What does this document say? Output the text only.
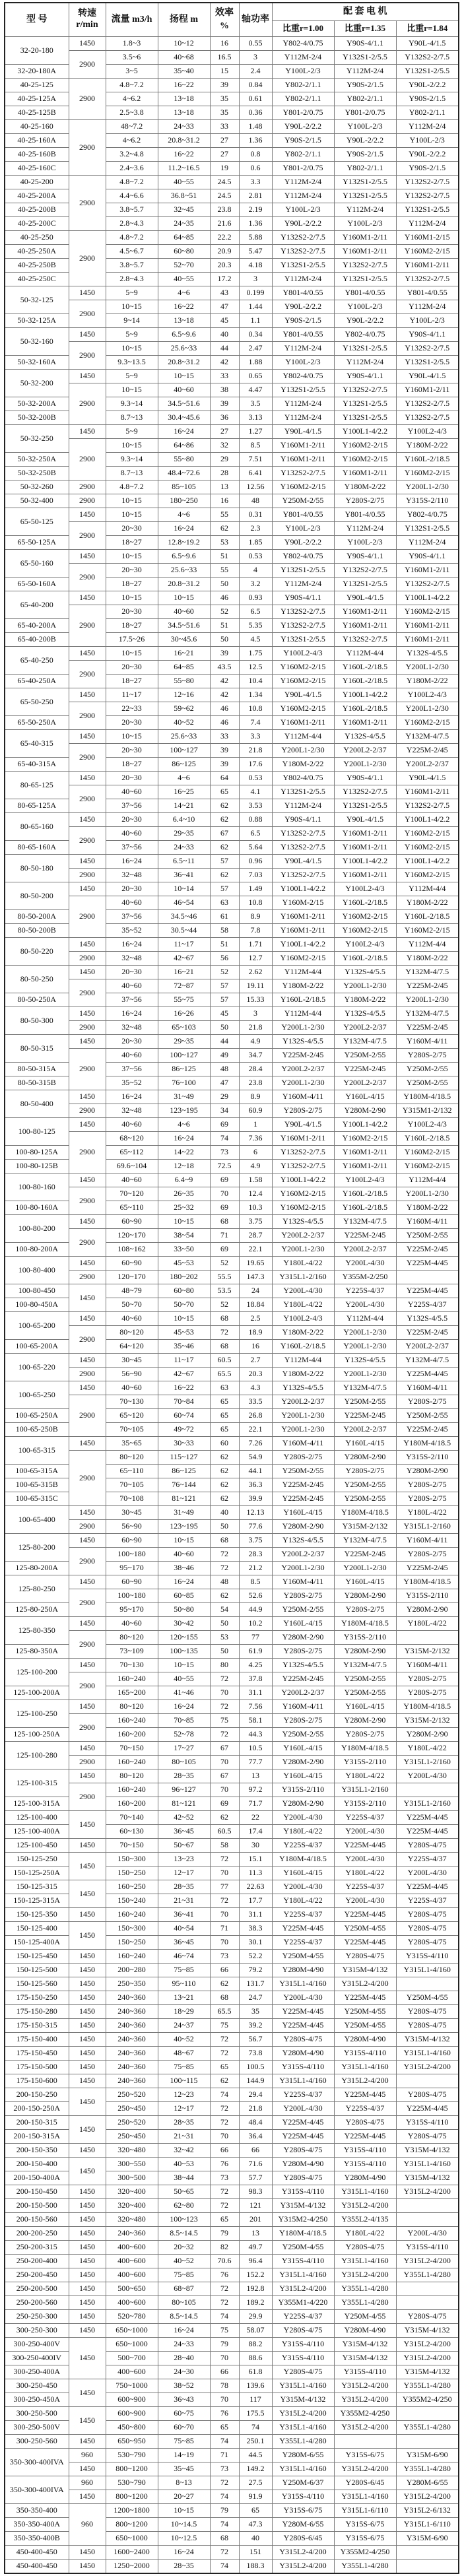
型 号	转速
r/min	流量 m3/h	扬程 m	效率 %	轴功率	配 套 电 机		
						比重r=1.00	比重r=1.35	比重r=1.84
32-20-180	1450	1.8~3	10~12	16	0.55	Y802-4/0.75	Y90S-4/1.1	Y90L-4/1.5
	2900	3.5~6	40~68	16.5	3	Y112M-2/4	Y132S1-2/5.5	Y132S2-2/7.5
32-20-180A		3~5	35~40	15	2.4	Y100L-2/3	Y112M-2/4	Y132S1-2/5.5
40-25-125	2900	4.8~7.2	16~22	39	0.84	Y802-2/1.1	Y90S-2/1.5	Y90L-2/2.2
40-25-125A		4~6.2	13~18	35	0.61	Y802-2/1.1	Y802-2/1.1	Y90S-2/1.5
40-25-125B		2.5~3.8	13~18	35	0.36	Y801-2/0.75	Y801-2/0.75	Y802-2/1.1
40-25-160	2900	48~7.2	24~33	33	1.48	Y90L-2/2.2	Y100L-2/3	Y112M-2/4
40-25-160A		4~6.2	20.8~31.2	27	1.36	Y90S-2/1.5	Y90L-2/2.2	Y100L-2/3
40-25-160B		3.2~4.8	16~22	27	0.8	Y802-2/1.1	Y90S-2/1.5	Y90L-2/2.2
40-25-160C		2.4~3.6	11.2~16.5	19	0.6	Y801-2/0.75	Y802-2/1.1	Y90S-2/1.5
40-25-200	2900	4.8~7.2	40~55	24.5	3.3	Y112M-2/4	Y132S1-2/5.5	Y132S2-2/7.5
40-25-200A		4.4~6.6	36.8~51	24.5	2.81	Y112M-2/4	Y132S1-2/5.5	Y132S2-2/7.5
40-25-200B		3.8~5.7	32~45	23.8	2.19	Y100L-2/3	Y112M-2/4	Y132S1-2/5.5
40-25-200C		2.8~4.3	24~35	21.6	1.36	Y90L-2/2.2	Y100L-2/3	Y112M-2/4
40-25-250	2900	4.8~7.2	64~85	22.2	5.88	Y132S2-2/7.5	Y160M1-2/11	Y160M1-2/15
40-25-250A		4.5~6.7	60~80	20.9	5.47	Y132S2-2/7.5	Y160M1-2/11	Y160M2-2/15
40-25-250B		3.8~5.7	52~70	20.3	4.18	Y132S1-2/5.5	Y132S2-2/7.5	Y160M1-2/11
40-25-250C		2.8~4.3	40~55	17.2	3	Y112M-2/4	Y132S1-2/5.5	Y132S2-2/7.5
50-32-125	1450	5~9	4~6	43	0.199	Y801-4/0.55	Y801-4/0.55	Y801-4/0.55
	2900	10~15	16~22	47	1.44	Y90L-2/2.2	Y100L-2/3	Y112M-2/4
50-32-125A		9~14	13~18	45	1.1	Y90S-2/1.5	Y90L-2/2.2	Y100L-2/3
50-32-160	1450	5~9	6.5~9.6	40	0.34	Y801-4/0.55	Y802-4/0.75	Y90S-4/1.1
	2900	10~15	25.6~33	44	2.47	Y112M-2/4	Y132S1-2/5.5	Y132S2-2/7.5
50-32-160A		9.3~13.5	20.8~31.2	42	1.88	Y100L-2/3	Y112M-2/4	Y132S1-2/5.5
50-32-200	1450	5~9	10~15	33	0.65	Y802-4/0.75	Y90S-4/1.1	Y90L-4/1.5
	2900	10~15	40~60	38	4.47	Y132S1-2/5.5	Y132S2-2/7.5	Y160M1-2/11
50-32-200A		9.3~14	34.5~51.6	39	3.5	Y112M-2/4	Y132S1-2/5.5	Y132S2-2/7.5
50-32-200B		8.7~13	30.4~45.6	36	3.13	Y112M-2/4	Y132S1-2/5.5	Y132S2-2/7.5
50-32-250	1450	5~9	16~24	27	1.27	Y90L-4/1.5	Y100L1-4/2.2	Y100L2-4/3
	2900	10~15	64~86	32	8.5	Y160M1-2/11	Y160M2-2/15	Y180M-2/22
50-32-250A		9.3~14	55~80	29	7.51	Y160M1-2/11	Y160M2-2/15	Y160L-2/18.5
50-32-250B		8.7~13	48.4~72.6	28	6.41	Y132S2-2/7.5	Y160M1-2/11	Y160M2-2/15
50-32-260	2900	4.8~7.2	85~105	13	12.56	Y160M2-2/15	Y180M-2/22	Y200L1-2/30
50-32-400	2900	10~15	180~250	16	48	Y250M-2/55	Y280S-2/75	Y315S-2/110
65-50-125	1450	10~15	4~6	55	0.31	Y801-4/0.55	Y801-4/0.55	Y802-4/0.75
	2900	20~30	16~24	62	2.3	Y100L-2/3	Y112M-2/4	Y132S1-2/5.5
65-50-125A		18~27	12.8~19.2	53	1.85	Y90L-2/2.2	Y100L-2/3	Y112M-2/4
65-50-160	1450	10~15	6.5~9.6	51	0.53	Y802-4/0.75	Y90S-4/1.1	Y90S-4/1.1
	2900	20~30	25.6~33	55	4	Y132S1-2/5.5	Y132S2-2/7.5	Y160M1-2/11
65-50-160A		18~27	20.8~31.2	50	3.2	Y112M-2/4	Y132S1-2/5.5	Y132S2-2/7.5
65-40-200	1450	10~15	10~15	46	0.93	Y90S-4/1.1	Y90L-4/1.5	Y100L1-4/2.2
	2900	20~30	40~60	52	6.5	Y132S2-2/7.5	Y160M1-2/11	Y160M2-2/15
65-40-200A		18~27	34.5~51.6	51	5.35	Y132S2-2/7.5	Y160M1-2/11	Y160M1-2/11
65-40-200B		17.5~26	30~45.6	50	4.5	Y132S1-2/5.5	Y132S2-2/7.5	Y160M1-2/11
65-40-250	1450	10~15	16~21	39	1.75	Y100L2-4/3	Y112M-4/4	Y132S-4/5.5
	2900	20~30	64~85	43.5	12.5	Y160M2-2/15	Y160L-2/18.5	Y200L1-2/30
65-40-250A		18~27	55~80	42	10.4	Y160M2-2/15	Y160L-2/18.5	Y180M-2/22
65-50-250	1450	11~17	12~16	42	1.34	Y90L-4/1.5	Y100L1-4/2.2	Y100L2-4/3
	2900	22~33	59~62	46	10.8	Y160M2-2/15	Y160L-2/18.5	Y200L1-2/30
65-50-250A		20~30	40~52	46	7.4	Y160M1-2/11	Y160M1-2/11	Y160M2-2/15
65-40-315	1450	10~15	25.6~33	33	3.3	Y112M-4/4	Y132S-4/5.5	Y132M-4/7.5
	2900	20~30	100~127	39	21.8	Y200L1-2/30	Y200L2-2/37	Y225M-2/45
65-40-315A		18~27	86~125	39	17.6	Y180M-2/22	Y200L1-2/30	Y200L2-2/37
80-65-125	1450	20~30	4~6	64	0.53	Y802-4/0.75	Y90S-4/1.1	Y90L-4/1.5
	2900	40~60	16~25	65	4.1	Y132S1-2/5.5	Y132S2-2/7.5	Y160M1-2/11
80-65-125A		37~56	14~21	62	3.53	Y112M-2/4	Y132S1-2/5.5	Y132S2-2/7.5
80-65-160	1450	20~30	6.4~10	62	0.88	Y90S-4/1.1	Y90L-4/1.5	Y100L1-4/2.2
	2900	40~60	29~35	67	6.5	Y132S2-2/7.5	Y160M1-2/11	Y160M2-2/15
80-65-160A		37~56	24~33	62	5.64	Y132S2-2/7.5	Y160M1-2/11	Y160M2-2/15
80-50-180	1450	16~24	6.5~11	57	0.96	Y90L-4/1.5	Y100L1-4/2.2	Y100L1-4/2.2
	2900	32~48	36~41	62	7.03	Y132S2-2/7.5	Y160M1-2/11	Y160M2-2/15
80-50-200	1450	20~30	10~14	57	1.49	Y100L1-4/2.2	Y100L2-4/3	Y112M-4/4
	2900	40~60	46~54	63	10.8	Y160M-2/15	Y160L-2/18.5	Y180M-2/22
80-50-200A		37~56	34.5~46	61	8.9	Y160M1-2/11	Y160M2-2/15	Y160L-2/18.5
80-50-200B		35~52	30.5~44	58	7.8	Y160M1-2/11	Y160M2-2/15	Y160M2-2/15
80-50-220	1450	16~24	11~17	51	1.71	Y100L1-4/2.2	Y100L2-4/3	Y112M-4/4
	2900	32~48	42~67	56	12.7	Y160M2-2/15	Y160L-2/18.5	Y180M-2/22
80-50-250	1450	20~30	16~21	52	2.62	Y112M-4/4	Y132S-4/5.5	Y132M-4/7.5
	2900	40~60	72~87	57	19.11	Y180M-2/22	Y200L1-2/30	Y225M-2/45
80-50-250A		37~56	55~75	57	15.33	Y160L-2/18.5	Y180M-2/22	Y200L1-2/30
80-50-300	1450	16~24	16~26	45	3	Y112M-4/4	Y132S-4/5.5	Y132M-4/7.5
	2900	32~48	65~103	50	21.8	Y200L1-2/30	Y200L2-2/37	Y225M-2/45
80-50-315	1450	20~30	29~35	44	4.9	Y132S-4/5.5	Y132M-4/7.5	Y160M-4/11
	2900	40~60	100~127	49	34.7	Y225M-2/45	Y250M-2/55	Y280S-2/75
80-50-315A		37~56	86~125	48	28.4	Y200L2-2/37	Y225M-2/45	Y250M-2/55
80-50-315B		35~52	76~100	47	23.8	Y200L1-2/30	Y200L2-2/37	Y250M-2/55
80-50-400	1450	16~24	31~49	29	8.9	Y160M-4/11	Y160L-4/15	Y180M-4/18.5
	2900	32~48	123~195	34	60.9	Y280S-2/75	Y280M-2/90	Y315M1-2/132
100-80-125	1450	40~60	4~6	69	1	Y90L-4/1.5	Y100L1-4/2.2	Y100L2-4/3
	2900	68~120	16~24	74	7.36	Y160M1-2/11	Y160M2-2/15	Y160L-2/18.5
100-80-125A		65~112	14~22	73	6	Y132S2-2/7.5	Y160M1-2/11	Y160M2-2/15
100-80-125B		69.6~104	12~18	72.5	4.9	Y132S2-2/7.5	Y160M1-2/11	Y160M2-2/15
100-80-160	1450	40~60	6.4~9	69	1.58	Y100L1-4/2.2	Y100L2-4/3	Y112M-4/4
	2900	70~120	26~35	70	12.4	Y160M2-2/15	Y160L-2/18.5	Y200L1-2/30
100-80-160A		65~110	25~32	69	10.3	Y160M2-2/15	Y160L-2/18.5	Y180M-2/22
100-80-200	1450	60~90	10~15	68	3.75	Y132S-4/5.5	Y132M-4/7.5	Y160M-4/11
	2900	120~170	38~54	71	28.7	Y200L2-2/37	Y225M-2/45	Y250M-2/55
100-80-200A		108~162	33~50	69	22.1	Y200L1-2/30	Y200L2-2/37	Y225M-2/45
100-80-400	1450	60~90	45~53	52	19.65	Y180L-4/22	Y200L-4/30	Y225M-4/45
	2900	120~170	180~202	55.5	147.3	Y315L1-2/160	Y355M-2/250	
100-80-450	1450	48~79	60~80	53.5	24	Y200L-4/30	Y225S-4/37	Y225M-4/45
100-80-450A		50~70	50~70	52	18.84	Y180L-4/22	Y200L-4/30	Y225S-4/37
100-65-200	1450	40~60	10~15	68	2.5	Y100L2-4/3	Y112M-4/4	Y132S-4/5.5
	2900	80~120	45~53	72	18.9	Y180M-2/22	Y200L1-2/30	Y225M-2/45
100-65-200A		64~120	35~46	68	16	Y160L-2/18.5	Y200L1-2/30	Y200L2-2/37
100-65-220	1450	30~45	11~17	60.5	2.7	Y112M-4/4	Y132S-4/5.5	Y132M-4/7.5
	2900	56~90	42~67	65.5	20.3	Y180M-2/22	Y200L1-2/30	Y225M-4/45
100-65-250	1450	40~60	16~22	63	4.3	Y132S-4/5.5	Y132M-4/7.5	Y160M-4/11
	2900	70~130	70~84	65	33.5	Y200L2-2/37	Y250M-2/55	Y280S-2/75
100-65-250A		65~120	60~74	65	26.8	Y200L1-2/30	Y225M-2/45	Y250M-2/55
100-65-250B		70~105	49~72	65	22.1	Y200L1-2/30	Y200L2-2/37	Y225M-2/45
100-65-315	1450	35~65	30~33	60	7.26	Y160M-4/11	Y160L-4/15	Y180M-4/18.5
	2900	80~120	115~127	62	54.9	Y280S-2/75	Y280M-2/90	Y315S-2/110
100-65-315A		65~110	86~125	62	44.1	Y250M-2/55	Y280S-2/75	Y280M-2/90
100-65-315B		70~105	76~144	62	36.3	Y225M-2/45	Y250M-2/55	Y280S-2/75
100-65-315C		70~108	81~121	62	39.9	Y225M-2/45	Y250M-2/55	Y280S-2/75
100-65-400	1450	30~45	31~49	40	12.13	Y160L-4/15	Y180M-4/18.5	Y180L-4/22
	2900	56~90	123~195	50	77.6	Y280M-2/90	Y315M-2/132	Y315L1-2/160
125-80-200	1450	60~90	10~15	68	3.75	Y132S-4/5.5	Y132M-4/7.5	Y160M-4/11
	2900	100~180	40~60	72	28.3	Y200L2-2/37	Y225M-2/45	Y280S-2/75
125-80-200A		95~170	38~46	72	21.2	Y200L1-2/30	Y200L1-2/30	Y225M-2/45
125-80-250	1450	60~90	16~24	48	8.5	Y160M-4/11	Y160L-4/15	Y180M-4/18.5
	2900	100~180	60~85	62	52.6	Y280S-2/75	Y280M-2/90	Y315S-2/110
125-80-250A		95~170	50~80	54	44.9	Y250M-2/55	Y280S-2/75	Y280M-2/90
125-80-350	1450	40~60	30~42	50	10.2	Y160L-4/15	Y180M-4/18.5	Y180L-4/22
	2900	80~120	120~155	53	77	Y280M-2/90	Y315S-2/110	
125-80-350A		73~109	100~135	50	61.9	Y280S-2/75	Y280M-2/90	Y315M-2/132
125-100-200	1450	70~130	10~15	80	4.25	Y132S-4/5.5	Y132M-4/7.5	Y160M-4/11
	2900	160~240	40~55	72	37.8	Y225M-2/45	Y250M-2/55	Y280S-2/75
125-100-200A		165~200	41~46	70	31.1	Y200L2-2/37	Y250M-2/55	Y280S-2/75
125-100-250	1450	80~120	16~24	72	7.56	Y160M-4/11	Y160L-4/15	Y180M-4/18.5
	2900	160~240	70~85	75	58.1	Y280S-2/75	Y280M-2/90	Y315M-2/132
125-100-250A		160~200	52~78	72	44.3	Y250M-2/55	Y280S-2/75	Y280M-2/90
125-100-280	1450	70~150	17~27	67	10.5	Y160L-4/15	Y180M-4/18.5	Y180L-4/22
	2900	160~240	80~105	70	77.7	Y280M-2/90	Y315S-2/110	Y315L1-2/160
125-100-315	1450	80~120	28~35	67	13	Y160L-4/15	Y180L-4/22	Y200L-4/30
	2900	160~240	96~127	70	97.2	Y315S-2/110	Y315L1-2/160	
125-100-315A		160~200	81~121	69	71.7	Y280M-2/90	Y315S-2/110	Y315L1-2/160
125-100-400	1450	70~140	42~52	62	22	Y200L-4/30	Y225S-4/37	Y225M-4/45
125-100-400A		60~130	36~45	60.5	17.4	Y180L-4/22	Y200L-4/30	Y225M-4/45
125-100-450	1450	70~150	50~67	58	30	Y225S-4/37	Y225M-4/45	Y280S-4/75
150-125-250	1450	150~300	13~23	72	15.1	Y180M-4/18.5	Y200L-4/30	Y225S-4/37
150-125-250A		150~250	12~17	70	11.3	Y160L-4/15	Y180L-4/22	Y200L-4/30
150-125-315	1450	160~250	28~35	77	22.63	Y200L-4/30	Y225S-4/37	Y225M-4/45
150-125-315A		150~240	21~31	72	17.7	Y180L-4/22	Y200L-4/30	Y225S-4/37
150-125-350	1450	160~240	36~41	70	31.1	Y225S-4/37	Y225M-4/45	Y280S-4/75
150-125-400	1450	150~300	40~54	71	38.3	Y225M-4/45	Y250M-4/55	Y280S-4/75
150-125-400A		150~250	36~45	70	30.1	Y225S-4/37	Y225M-4/45	Y280S-4/75
150-125-450	1450	160~240	46~74	73	52.2	Y250M-4/55	Y280S-4/75	Y315S-4/110
150-125-500	1450	200~280	75~85	66	79.2	Y280M-4/90	Y315M-4/132	Y315L1-4/160
150-125-560	1450	250~350	95~110	62	131.7	Y315L1-4/160	Y315L2-4/200	
175-150-250	1450	240~360	13~21	68	24.7	Y200L-4/30	Y225M-4/45	Y250M-4/55
175-150-280	1450	240~360	18~29	65.5	35	Y225M-4/45	Y250M-4/55	Y280S-4/75
175-150-315	1450	240~360	24~37	75	39.2	Y225M-4/45	Y250M-4/55	Y280S-4/75
175-150-400	1450	240~360	40~52	72	56.7	Y280S-4/75	Y280M-4/90	Y315M-4/132
175-150-450	1450	240~360	48~67	72	73.8	Y280M-4/90	Y315S-4/110	Y315L1-4/160
175-150-500	1450	240~360	75~85	65	100.5	Y315S-4/110	Y315L1-4/160	Y315L2-4/200
175-150-600	1450	240~360	100~115	62	144.9	Y315L1-4/160	Y315L2-4/200	
200-150-250	1450	250~520	12~23	74	29.4	Y225S-4/37	Y225M-4/45	Y280S-4/75
200-150-250A		250~450	12~17	72	21.8	Y200L-4/30	Y225S-4/37	Y225M-4/45
200-150-315	1450	250~520	28~35	72	48.4	Y225M-4/45	Y280S-4/75	Y315S-4/110
200-150-315A		250~450	21~31	70	36.4	Y225M-4/45	Y225M-4/45	Y280S-4/75
200-150-350	1450	320~480	32~42	66	66	Y280S-4/75	Y315S-4/110	Y315M-4/132
200-150-400	1450	300~550	40~53	76	71.6	Y280M-4/90	Y315S-4/110	Y315L1-4/160
200-150-400A		300~500	38~44	73	57.7	Y280S-4/75	Y280M-4/90	Y315M-4/132
200-150-450	1450	320~400	50~65	72	98.3	Y315S-4/110	Y315L1-4/160	Y315L2-4/200
200-150-500	1450	320~400	62~80	72	121	Y315M-4/132	Y315L2-4/200	
200-150-560	1450	320~480	100~123	65	201	Y315M2-4/250	Y355L2-4/135	
200-200-250	1450	240~360	8.5~14.5	79	13	Y180M-4/18.5	Y180L-4/22	Y200L-4/30
250-200-315	1450	400~600	20~32	82	49.7	Y250M-4/55	Y280S-4/75	Y315S-4/110
250-200-400	1450	400~600	40~52	70.6	96.4	Y315S-4/110	Y315L1-4/160	Y315L2-4/200
250-200-450	1450	400~600	75~85	76	152.2	Y315L1-4/160	Y315L2-4/200	Y355L1-4/280
250-200-500	1450	500~650	68~87	72	192.8	Y315L2-4/200	Y355L1-4/280	
250-200-560	1450	400~600	80~105	72	189.2	Y355M1-4/220	Y355L1-4/280	
250-250-300	1450	520~780	8.5~14.5	74	29.9	Y225S-4/37	Y250M-4/55	Y280S-4/75
300-250-300	1450	650~1000	16~24	75	58.07	Y280S-4/75	Y280M-4/90	Y315M-4/132
300-250-400V	1450	650~1000	24~33	79	88.2	Y315S-4/110	Y315M-4/132	Y315L2-4/200
300-250-400IV		500~700	28~40	70	88.6	Y315S-4/110	Y315M-4/132	Y315L2-4/200
300-250-400A		400~600	24~30	66	61.8	Y280S-4/75	Y315S-4/110	Y315M-4/132
300-250-450	1450	750~1000	38~52	78	139.6	Y315L1-4/160	Y315L2-4/200	Y355L1-4/280
300-250-450A		600~900	36~43	70	117	Y315M-4/132	Y315L2-4/200	Y355M2-4/250
300-250-500	1450	600~900	60~75	76	175.5	Y315L2-4/200	Y355M2-4/250	
300-250-500V		450~800	60~70	65	74	Y315L1-4/160	Y315L2-4/200	Y355L1-4/280
300-250-560	1450	650~950	75~85	74	250.1	Y355L1-4/280		
350-300-400IVA	960	530~790	14~19	71	44.5	Y280M-6/55	Y315S-6/75	Y315M-6/90
	1450	800~1200	35~45	73	149.2	Y315L1-4/160	Y315L2-4/200	Y355L1-4/280
350-300-400IVA	960	530~790	8~13	72	27.5	Y250M-6/37	Y280S-6/45	Y280M-6/55
	1450	800~1200	20~27	74	91.9	Y315S-4/110	Y315L1-4/160	Y315L2-4/200
350-350-400	960	1200~1800	10~15	79	65	Y315S-6/75	Y315L1-6/110	Y315L2-6/132
350-350-400A		800~1200	10~14.5	74	47.3	Y280M-6/55	Y315S-6/75	Y315L1-6/110
350-350-400B		650~1000	10~12.5	68	40	Y280S-6/45	Y315S-6/75	Y315M-6/90
450-400-450	1450	1600~2400	16~24	72	151	Y315L2-4/200	Y355M2-4/250	
450-400-450	1450	1250~2000	28~35	74	188.3	Y315L2-4/200	Y355L1-4/280	
